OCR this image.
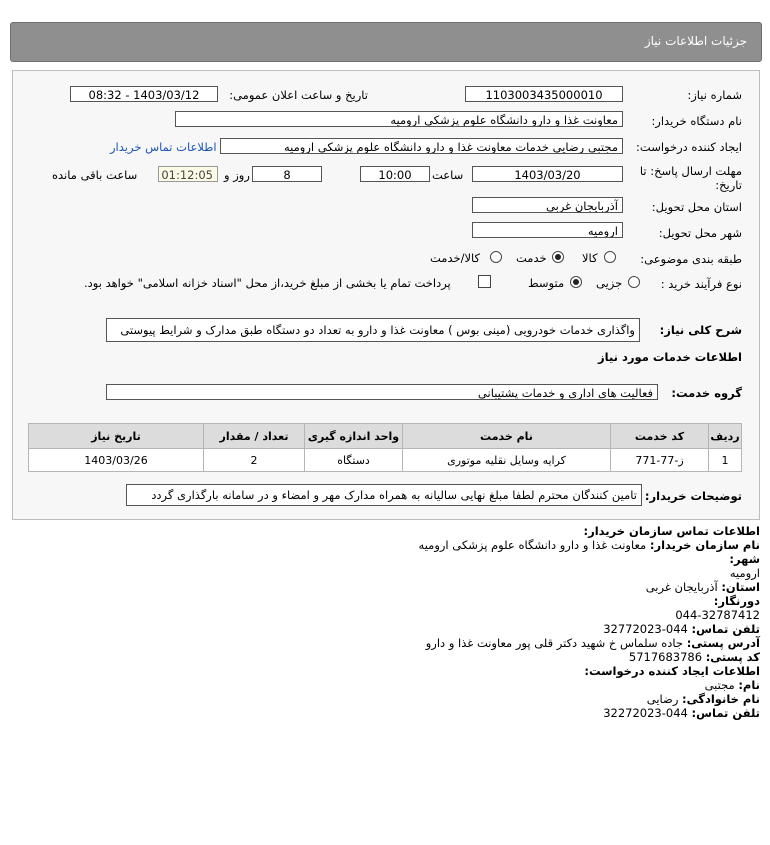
جزئیات اطلاعات نیاز
شماره نیاز:
1103003435000010
تاریخ و ساعت اعلان عمومی:
1403/03/12 - 08:32
نام دستگاه خریدار:
معاونت غذا و دارو دانشگاه علوم پزشکی ارومیه
ایجاد کننده درخواست:
مجتبی رضایی خدمات معاونت غذا و دارو دانشگاه علوم پزشکی ارومیه
اطلاعات تماس خریدار
مهلت ارسال پاسخ: تا
تاریخ:
1403/03/20
ساعت
10:00
8
روز و
01:12:05
ساعت باقی مانده
استان محل تحویل:
آذربایجان غربی
شهر محل تحویل:
ارومیه
طبقه بندی موضوعی:
کالا
خدمت
کالا/خدمت
نوع فرآیند خرید :
جزیی
متوسط
پرداخت تمام یا بخشی از مبلغ خرید،از محل "اسناد خزانه اسلامی" خواهد بود.
شرح کلی نیاز:
واگذاری خدمات خودرویی (مینی بوس ) معاونت غذا و دارو به تعداد دو دستگاه طبق مدارک و شرایط پیوستی
اطلاعات خدمات مورد نیاز
گروه خدمت:
فعالیت های اداری و خدمات پشتیبانی
ردیف	کد خدمت	نام خدمت	واحد اندازه گیری	تعداد / مقدار	تاریخ نیاز
1	ز-77-771	کرایه وسایل نقلیه موتوری	دستگاه	2	1403/03/26
توضیحات خریدار:
تامین کنندگان محترم لطفا مبلغ نهایی سالیانه به همراه مدارک مهر و امضاء و در سامانه بارگذاری گردد
اطلاعات تماس سازمان خریدار:
نام سازمان خریدار: معاونت غذا و دارو دانشگاه علوم پزشکی ارومیه
شهر:
ارومیه
استان: آذربایجان غربی
دورنگار:
044-32787412
تلفن تماس: 044-32772023
آدرس پستی: جاده سلماس خ شهید دکتر قلی پور معاونت غذا و دارو
کد پستی: 5717683786
اطلاعات ایجاد کننده درخواست:
نام: مجتبی
نام خانوادگی: رضایی
تلفن تماس: 044-32272023
